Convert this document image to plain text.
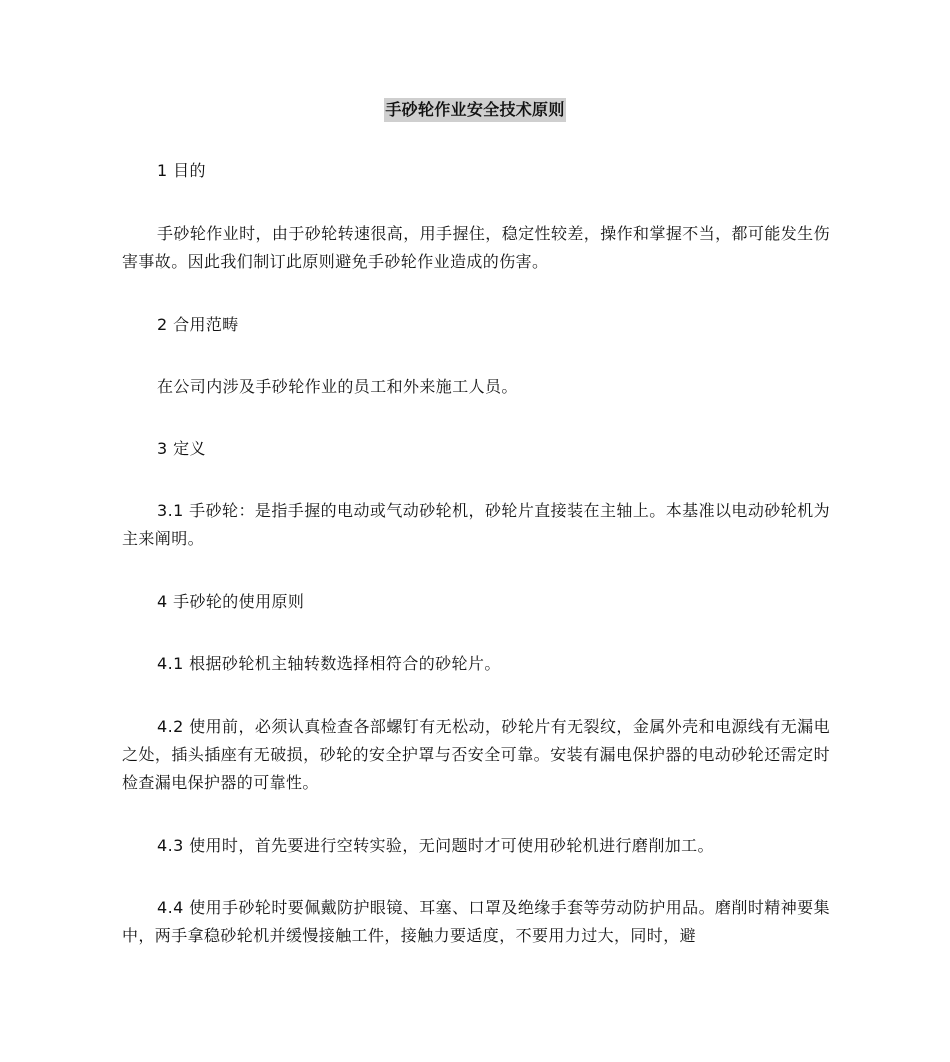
手砂轮作业安全技术原则

1 目的

手砂轮作业时，由于砂轮转速很高，用手握住，稳定性较差，操作和掌握不当，都可能发生伤害事故。因此我们制订此原则避免手砂轮作业造成的伤害。

2 合用范畴

在公司内涉及手砂轮作业的员工和外来施工人员。

3 定义

3.1 手砂轮：是指手握的电动或气动砂轮机，砂轮片直接装在主轴上。本基准以电动砂轮机为主来阐明。

4 手砂轮的使用原则

4.1 根据砂轮机主轴转数选择相符合的砂轮片。

4.2 使用前，必须认真检查各部螺钉有无松动，砂轮片有无裂纹，金属外壳和电源线有无漏电之处，插头插座有无破损，砂轮的安全护罩与否安全可靠。安装有漏电保护器的电动砂轮还需定时检查漏电保护器的可靠性。

4.3 使用时，首先要进行空转实验，无问题时才可使用砂轮机进行磨削加工。

4.4 使用手砂轮时要佩戴防护眼镜、耳塞、口罩及绝缘手套等劳动防护用品。磨削时精神要集中，两手拿稳砂轮机并缓慢接触工件，接触力要适度，不要用力过大，同时，避
